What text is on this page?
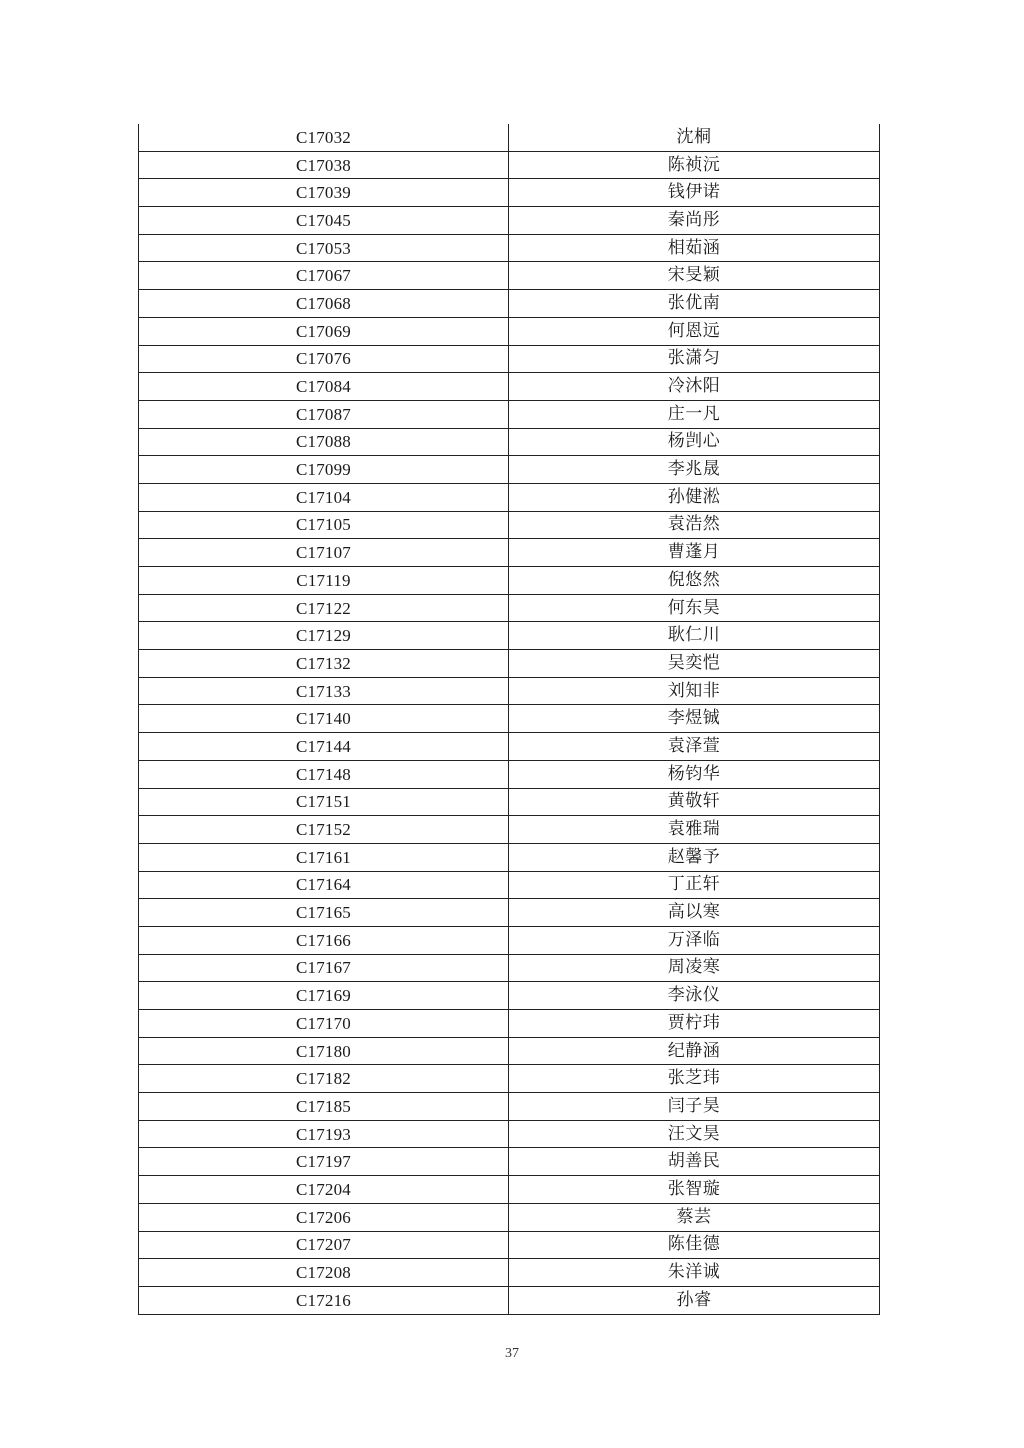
C17032	沈桐
C17038	陈祯沅
C17039	钱伊诺
C17045	秦尚彤
C17053	相茹涵
C17067	宋旻颖
C17068	张优南
C17069	何恩远
C17076	张潇匀
C17084	冷沐阳
C17087	庄一凡
C17088	杨剀心
C17099	李兆晟
C17104	孙健淞
C17105	袁浩然
C17107	曹蓬月
C17119	倪悠然
C17122	何东昊
C17129	耿仁川
C17132	吴奕恺
C17133	刘知非
C17140	李煜铖
C17144	袁泽萱
C17148	杨钧华
C17151	黄敬轩
C17152	袁雅瑞
C17161	赵馨予
C17164	丁正轩
C17165	高以寒
C17166	万泽临
C17167	周凌寒
C17169	李泳仪
C17170	贾柠玮
C17180	纪静涵
C17182	张芝玮
C17185	闫子昊
C17193	汪文昊
C17197	胡善民
C17204	张智璇
C17206	蔡芸
C17207	陈佳德
C17208	朱洋诚
C17216	孙睿
37
